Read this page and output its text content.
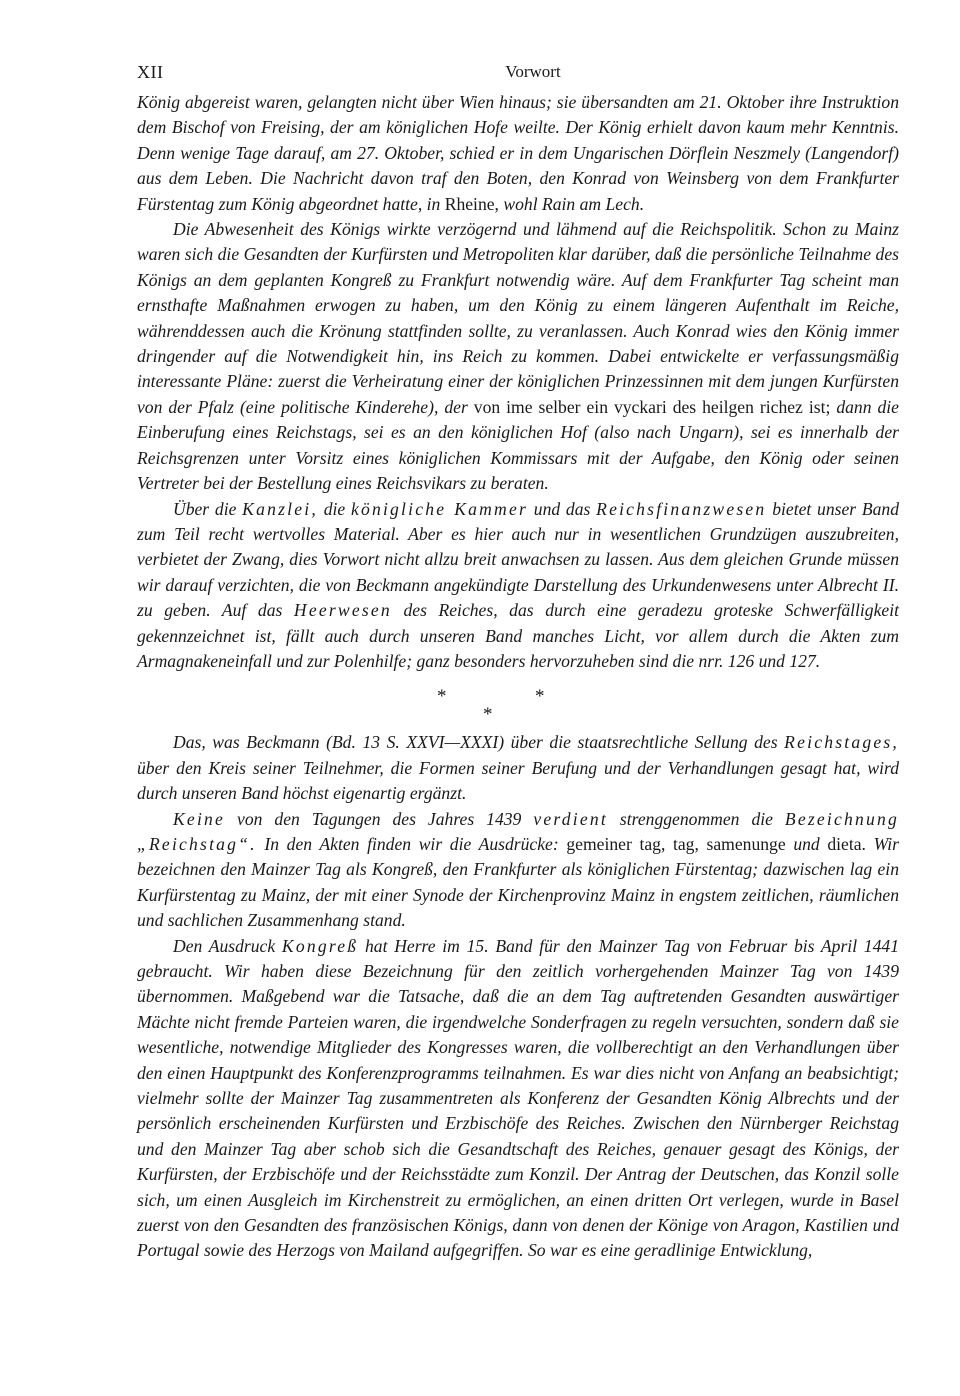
XII	Vorwort

König abgereist waren, gelangten nicht über Wien hinaus; sie übersandten am 21. Oktober ihre Instruktion dem Bischof von Freising, der am königlichen Hofe weilte. Der König erhielt davon kaum mehr Kenntnis. Denn wenige Tage darauf, am 27. Oktober, schied er in dem Ungarischen Dörflein Neszmely (Langendorf) aus dem Leben. Die Nachricht davon traf den Boten, den Konrad von Weinsberg von dem Frankfurter Fürstentag zum König abgeordnet hatte, in Rheine, wohl Rain am Lech.

Die Abwesenheit des Königs wirkte verzögernd und lähmend auf die Reichspolitik. Schon zu Mainz waren sich die Gesandten der Kurfürsten und Metropoliten klar darüber, daß die persönliche Teilnahme des Königs an dem geplanten Kongreß zu Frankfurt notwendig wäre. Auf dem Frankfurter Tag scheint man ernsthafte Maßnahmen erwogen zu haben, um den König zu einem längeren Aufenthalt im Reiche, währenddessen auch die Krönung stattfinden sollte, zu veranlassen. Auch Konrad wies den König immer dringender auf die Notwendigkeit hin, ins Reich zu kommen. Dabei entwickelte er verfassungsmäßig interessante Pläne: zuerst die Verheiratung einer der königlichen Prinzessinnen mit dem jungen Kurfürsten von der Pfalz (eine politische Kinderehe), der von ime selber ein vyckari des heilgen richez ist; dann die Einberufung eines Reichstags, sei es an den königlichen Hof (also nach Ungarn), sei es innerhalb der Reichsgrenzen unter Vorsitz eines königlichen Kommissars mit der Aufgabe, den König oder seinen Vertreter bei der Bestellung eines Reichsvikars zu beraten.

Über die Kanzlei, die königliche Kammer und das Reichsfinanzwesen bietet unser Band zum Teil recht wertvolles Material. Aber es hier auch nur in wesentlichen Grundzügen auszubreiten, verbietet der Zwang, dies Vorwort nicht allzu breit anwachsen zu lassen. Aus dem gleichen Grunde müssen wir darauf verzichten, die von Beckmann angekündigte Darstellung des Urkundenwesens unter Albrecht II. zu geben. Auf das Heerwesen des Reiches, das durch eine geradezu groteske Schwerfälligkeit gekennzeichnet ist, fällt auch durch unseren Band manches Licht, vor allem durch die Akten zum Armagnakeneinfall und zur Polenhilfe; ganz besonders hervorzuheben sind die nrr. 126 und 127.

*
*
*

Das, was Beckmann (Bd. 13 S. XXVI—XXXI) über die staatsrechtliche Sellung des Reichstages, über den Kreis seiner Teilnehmer, die Formen seiner Berufung und der Verhandlungen gesagt hat, wird durch unseren Band höchst eigenartig ergänzt.

Keine von den Tagungen des Jahres 1439 verdient strenggenommen die Bezeichnung „Reichstag“. In den Akten finden wir die Ausdrücke: gemeiner tag, tag, samenunge und dieta. Wir bezeichnen den Mainzer Tag als Kongreß, den Frankfurter als königlichen Fürstentag; dazwischen lag ein Kurfürstentag zu Mainz, der mit einer Synode der Kirchenprovinz Mainz in engstem zeitlichen, räumlichen und sachlichen Zusammenhang stand.

Den Ausdruck Kongreß hat Herre im 15. Band für den Mainzer Tag von Februar bis April 1441 gebraucht. Wir haben diese Bezeichnung für den zeitlich vorhergehenden Mainzer Tag von 1439 übernommen. Maßgebend war die Tatsache, daß die an dem Tag auftretenden Gesandten auswärtiger Mächte nicht fremde Parteien waren, die irgendwelche Sonderfragen zu regeln versuchten, sondern daß sie wesentliche, notwendige Mitglieder des Kongresses waren, die vollberechtigt an den Verhandlungen über den einen Hauptpunkt des Konferenzprogramms teilnahmen. Es war dies nicht von Anfang an beabsichtigt; vielmehr sollte der Mainzer Tag zusammentreten als Konferenz der Gesandten König Albrechts und der persönlich erscheinenden Kurfürsten und Erzbischöfe des Reiches. Zwischen den Nürnberger Reichstag und den Mainzer Tag aber schob sich die Gesandtschaft des Reiches, genauer gesagt des Königs, der Kurfürsten, der Erzbischöfe und der Reichsstädte zum Konzil. Der Antrag der Deutschen, das Konzil solle sich, um einen Ausgleich im Kirchenstreit zu ermöglichen, an einen dritten Ort verlegen, wurde in Basel zuerst von den Gesandten des französischen Königs, dann von denen der Könige von Aragon, Kastilien und Portugal sowie des Herzogs von Mailand aufgegriffen. So war es eine geradlinige Entwicklung,
